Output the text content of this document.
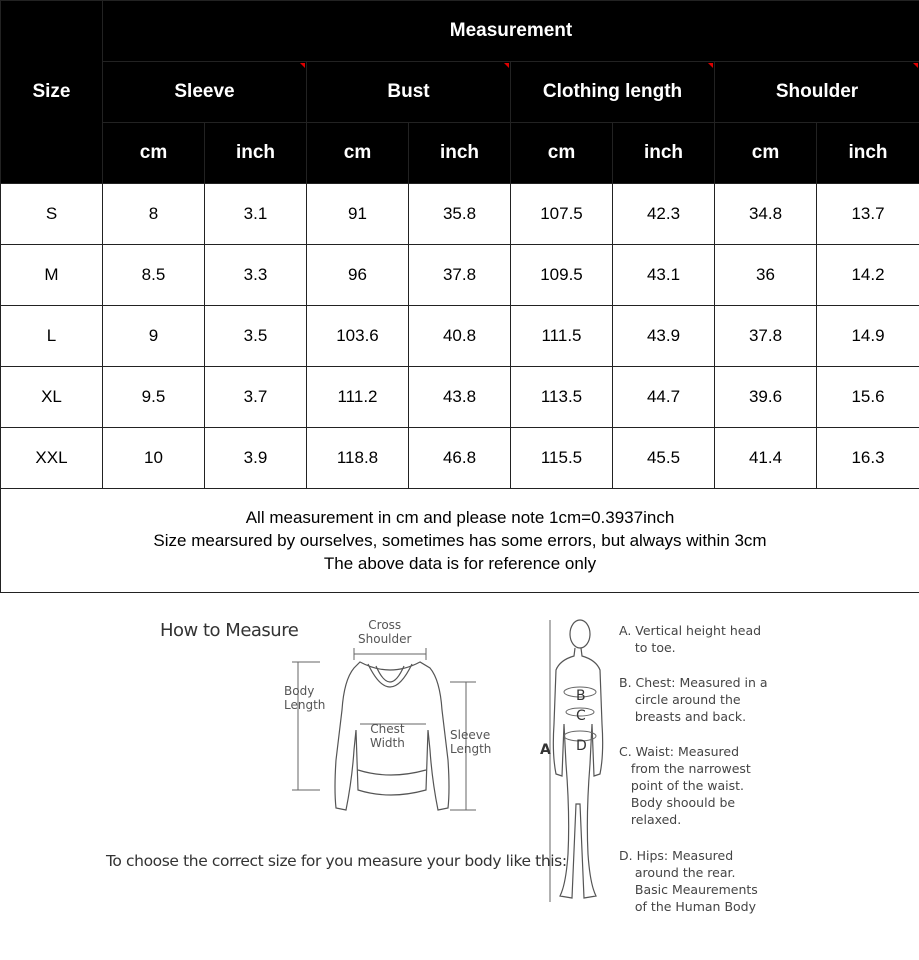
Size	Measurement							
	Sleeve		Bust		Clothing length		Shoulder	
	cm	inch	cm	inch	cm	inch	cm	inch
S	8	3.1	91	35.8	107.5	42.3	34.8	13.7
M	8.5	3.3	96	37.8	109.5	43.1	36	14.2
L	9	3.5	103.6	40.8	111.5	43.9	37.8	14.9
XL	9.5	3.7	111.2	43.8	113.5	44.7	39.6	15.6
XXL	10	3.9	118.8	46.8	115.5	45.5	41.4	16.3

All measurement in cm and please note 1cm=0.3937inch
Size mearsured by ourselves, sometimes has some errors, but always within 3cm
The above data is for reference only								
How to Measure	Cross
Shoulder
Body
Length
Chest
Width
Sleeve
Length
To choose the correct size for you measure your body like this:
A
B
C
D
A. Vertical height head
to toe.
B. Chest: Measured in a
circle around the
breasts and back.
C. Waist: Measured
from the narrowest
point of the waist.
Body shoould be
relaxed.
D. Hips: Measured
around the rear.
Basic Meaurements
of the Human Body
